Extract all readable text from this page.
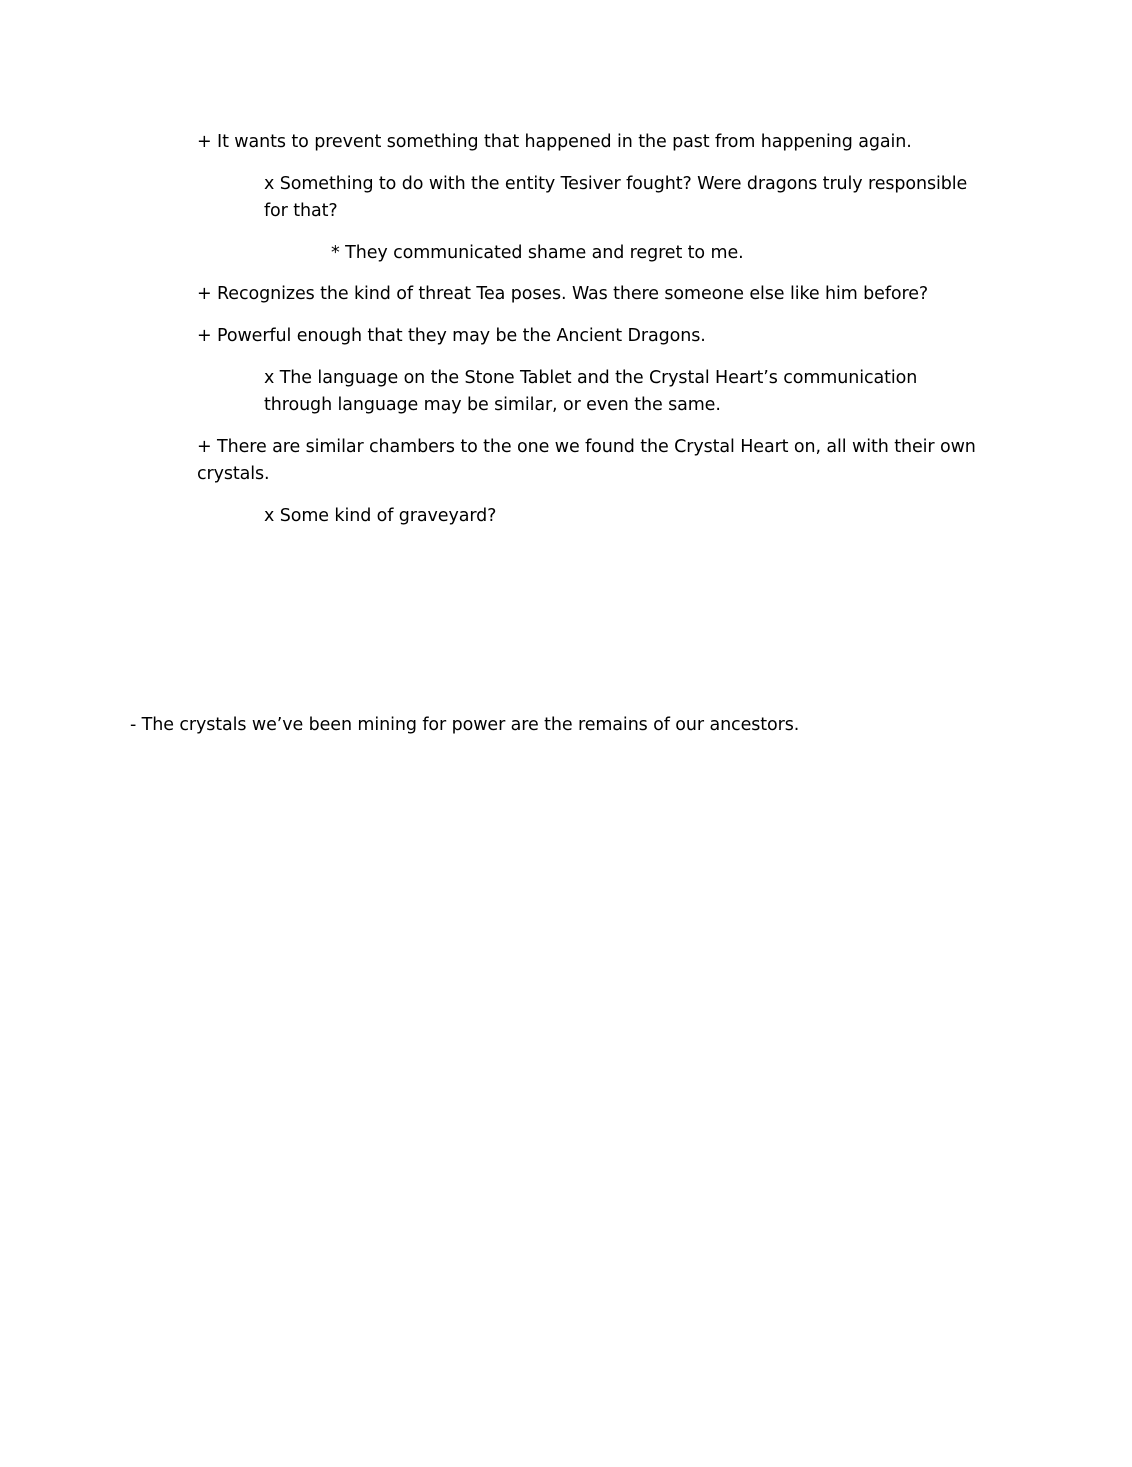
+ It wants to prevent something that happened in the past from happening again.
x Something to do with the entity Tesiver fought? Were dragons truly responsible for that?
* They communicated shame and regret to me.
+ Recognizes the kind of threat Tea poses. Was there someone else like him before?
+ Powerful enough that they may be the Ancient Dragons.
x The language on the Stone Tablet and the Crystal Heart’s communication through language may be similar, or even the same.
+ There are similar chambers to the one we found the Crystal Heart on, all with their own crystals.
x Some kind of graveyard?
- The crystals we’ve been mining for power are the remains of our ancestors.
